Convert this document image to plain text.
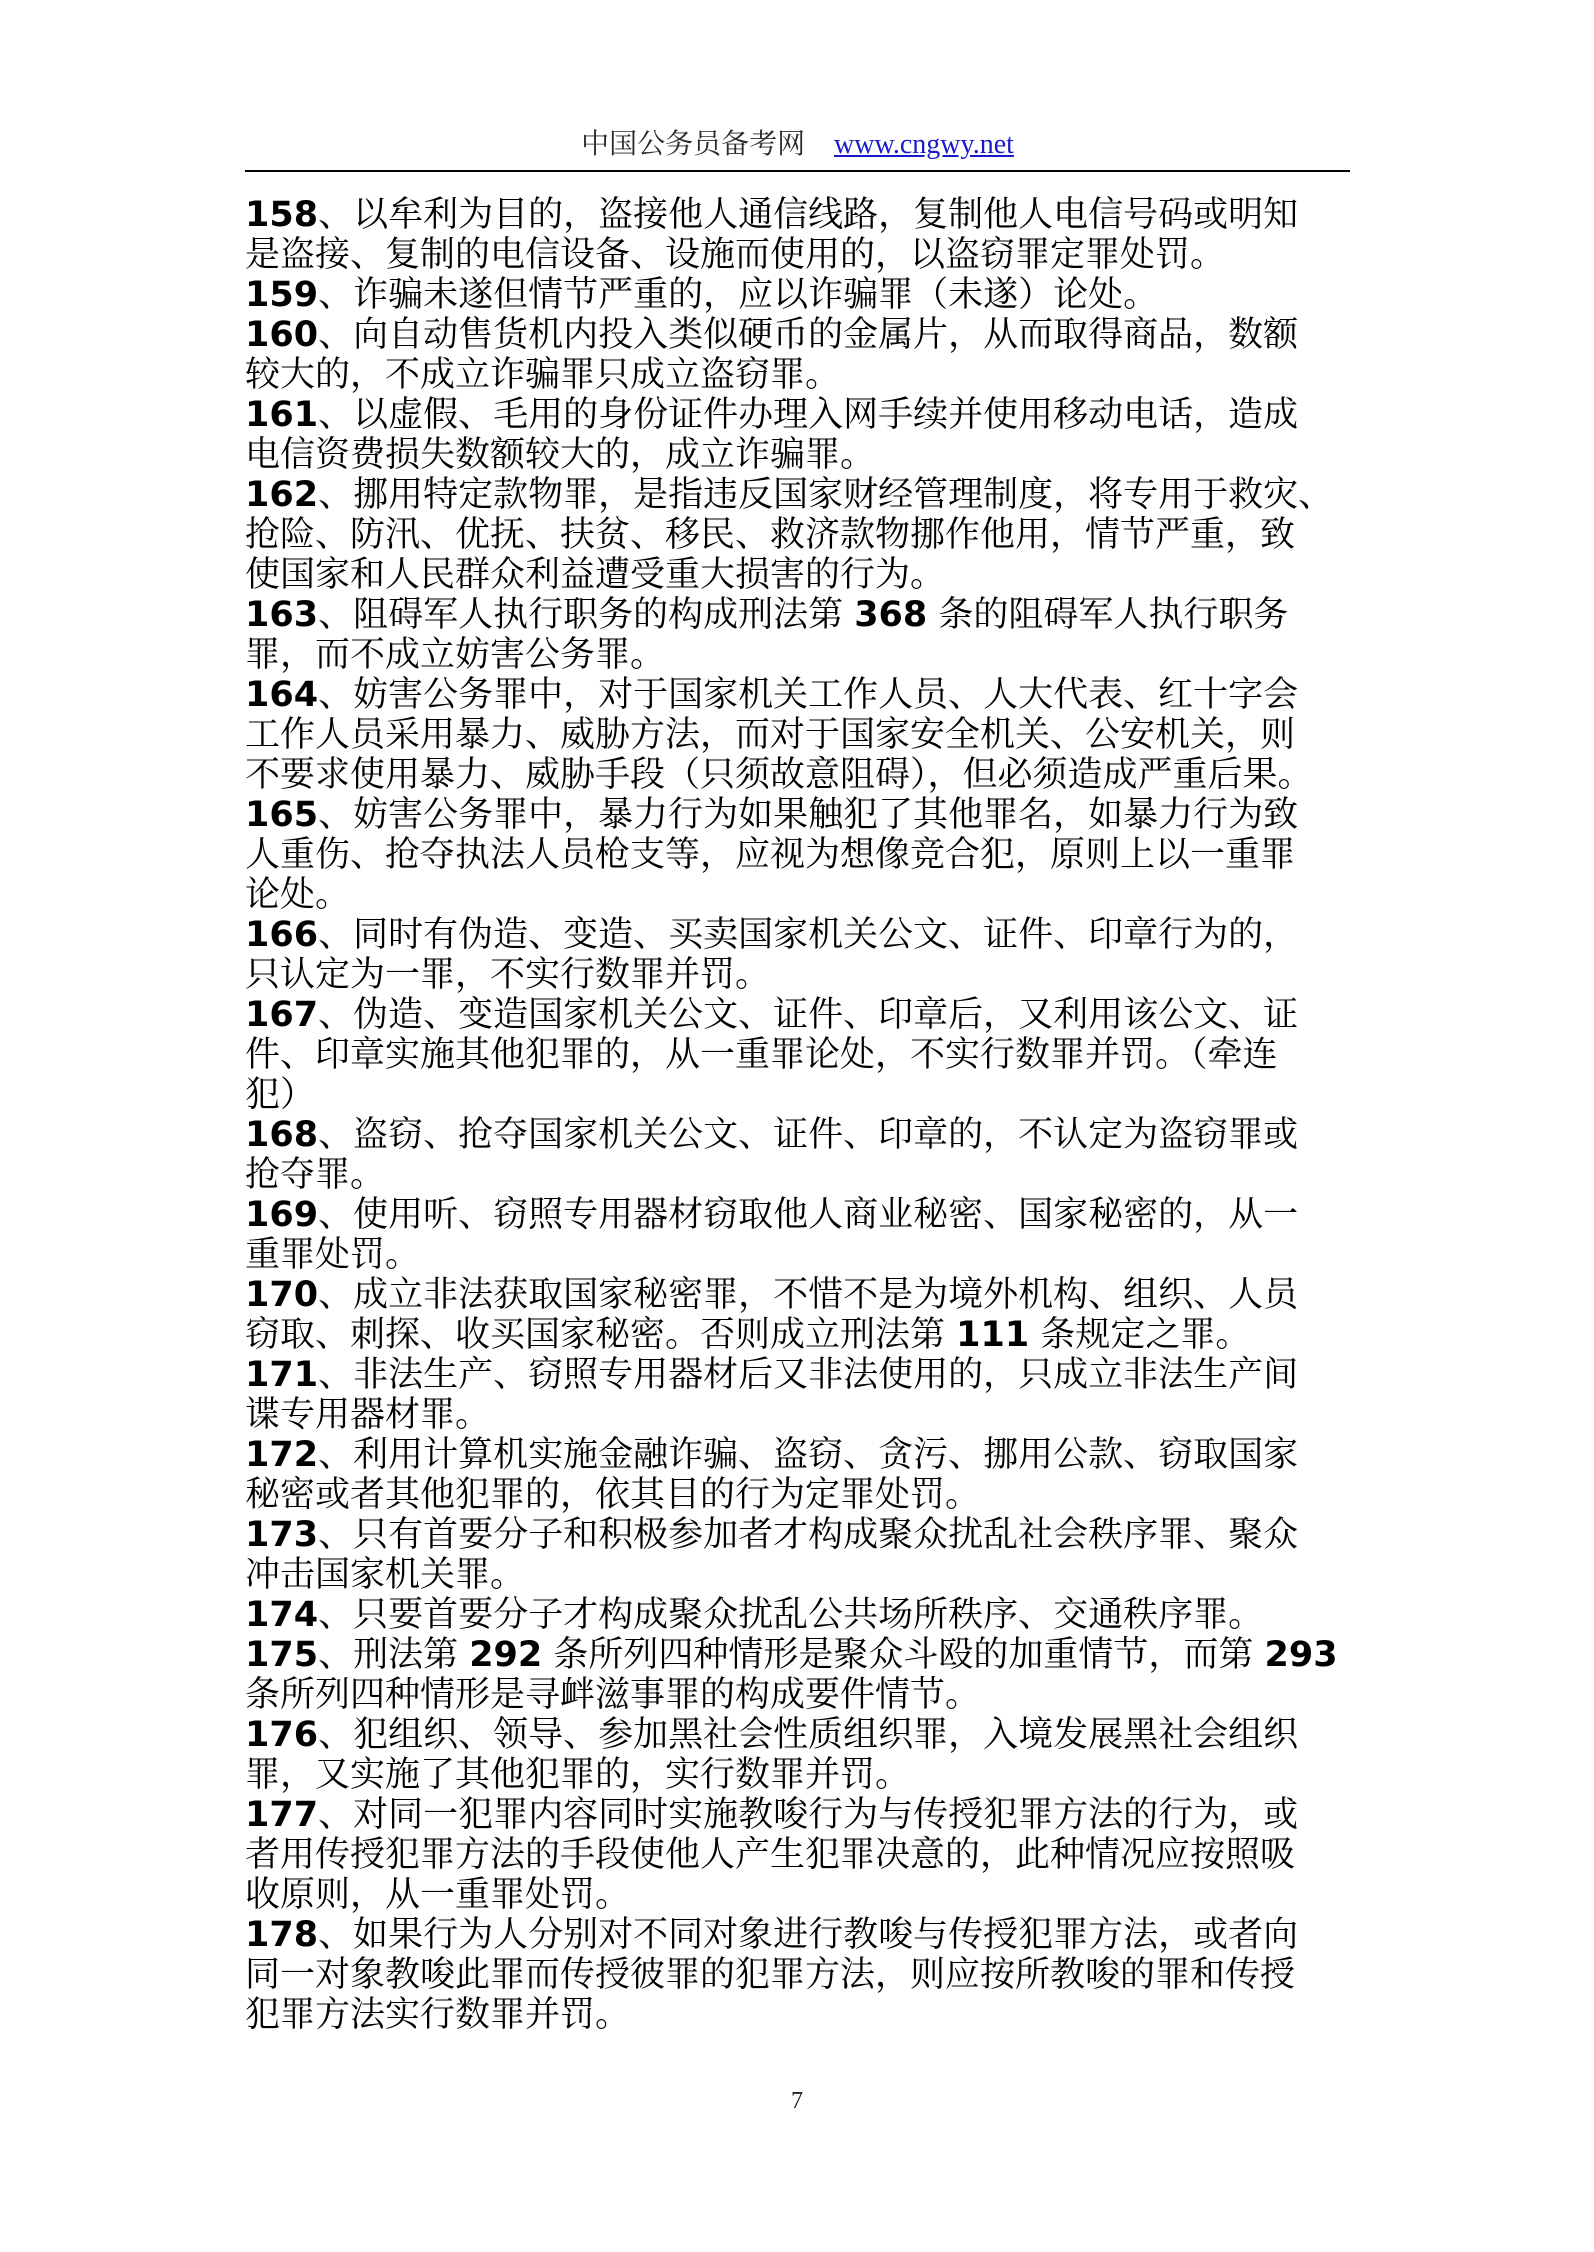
中国公务员备考网 www.cngwy.net
158、以牟利为目的，盗接他人通信线路，复制他人电信号码或明知
是盗接、复制的电信设备、设施而使用的，以盗窃罪定罪处罚。
159、诈骗未遂但情节严重的，应以诈骗罪（未遂）论处。
160、向自动售货机内投入类似硬币的金属片，从而取得商品，数额
较大的，不成立诈骗罪只成立盗窃罪。
161、以虚假、毛用的身份证件办理入网手续并使用移动电话，造成
电信资费损失数额较大的，成立诈骗罪。
162、挪用特定款物罪，是指违反国家财经管理制度，将专用于救灾、
抢险、防汛、优抚、扶贫、移民、救济款物挪作他用，情节严重，致
使国家和人民群众利益遭受重大损害的行为。
163、阻碍军人执行职务的构成刑法第 368 条的阻碍军人执行职务
罪，而不成立妨害公务罪。
164、妨害公务罪中，对于国家机关工作人员、人大代表、红十字会
工作人员采用暴力、威胁方法，而对于国家安全机关、公安机关，则
不要求使用暴力、威胁手段（只须故意阻碍），但必须造成严重后果。
165、妨害公务罪中，暴力行为如果触犯了其他罪名，如暴力行为致
人重伤、抢夺执法人员枪支等，应视为想像竞合犯，原则上以一重罪
论处。
166、同时有伪造、变造、买卖国家机关公文、证件、印章行为的，
只认定为一罪，不实行数罪并罚。
167、伪造、变造国家机关公文、证件、印章后，又利用该公文、证
件、印章实施其他犯罪的，从一重罪论处，不实行数罪并罚。（牵连
犯）
168、盗窃、抢夺国家机关公文、证件、印章的，不认定为盗窃罪或
抢夺罪。
169、使用听、窃照专用器材窃取他人商业秘密、国家秘密的，从一
重罪处罚。
170、成立非法获取国家秘密罪，不惜不是为境外机构、组织、人员
窃取、刺探、收买国家秘密。否则成立刑法第 111 条规定之罪。
171、非法生产、窃照专用器材后又非法使用的，只成立非法生产间
谍专用器材罪。
172、利用计算机实施金融诈骗、盗窃、贪污、挪用公款、窃取国家
秘密或者其他犯罪的，依其目的行为定罪处罚。
173、只有首要分子和积极参加者才构成聚众扰乱社会秩序罪、聚众
冲击国家机关罪。
174、只要首要分子才构成聚众扰乱公共场所秩序、交通秩序罪。
175、刑法第 292 条所列四种情形是聚众斗殴的加重情节，而第 293
条所列四种情形是寻衅滋事罪的构成要件情节。
176、犯组织、领导、参加黑社会性质组织罪，入境发展黑社会组织
罪，又实施了其他犯罪的，实行数罪并罚。
177、对同一犯罪内容同时实施教唆行为与传授犯罪方法的行为，或
者用传授犯罪方法的手段使他人产生犯罪决意的，此种情况应按照吸
收原则，从一重罪处罚。
178、如果行为人分别对不同对象进行教唆与传授犯罪方法，或者向
同一对象教唆此罪而传授彼罪的犯罪方法，则应按所教唆的罪和传授
犯罪方法实行数罪并罚。
7
